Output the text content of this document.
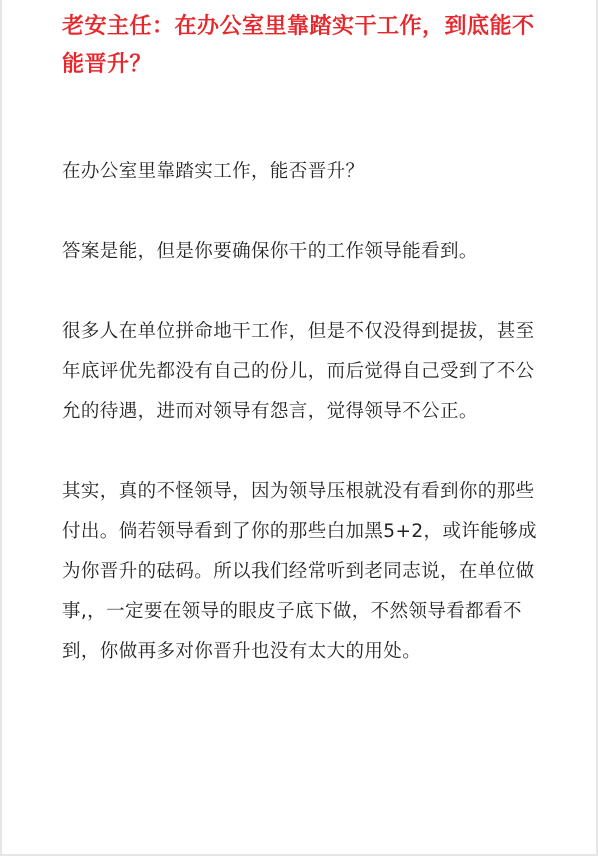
老安主任：在办公室里靠踏实干工作，到底能不能晋升？

在办公室里靠踏实工作，能否晋升？

答案是能，但是你要确保你干的工作领导能看到。

很多人在单位拼命地干工作，但是不仅没得到提拔，甚至年底评优先都没有自己的份儿，而后觉得自己受到了不公允的待遇，进而对领导有怨言，觉得领导不公正。

其实，真的不怪领导，因为领导压根就没有看到你的那些付出。倘若领导看到了你的那些白加黑5+2，或许能够成为你晋升的砝码。所以我们经常听到老同志说，在单位做事,，一定要在领导的眼皮子底下做，不然领导看都看不到，你做再多对你晋升也没有太大的用处。
